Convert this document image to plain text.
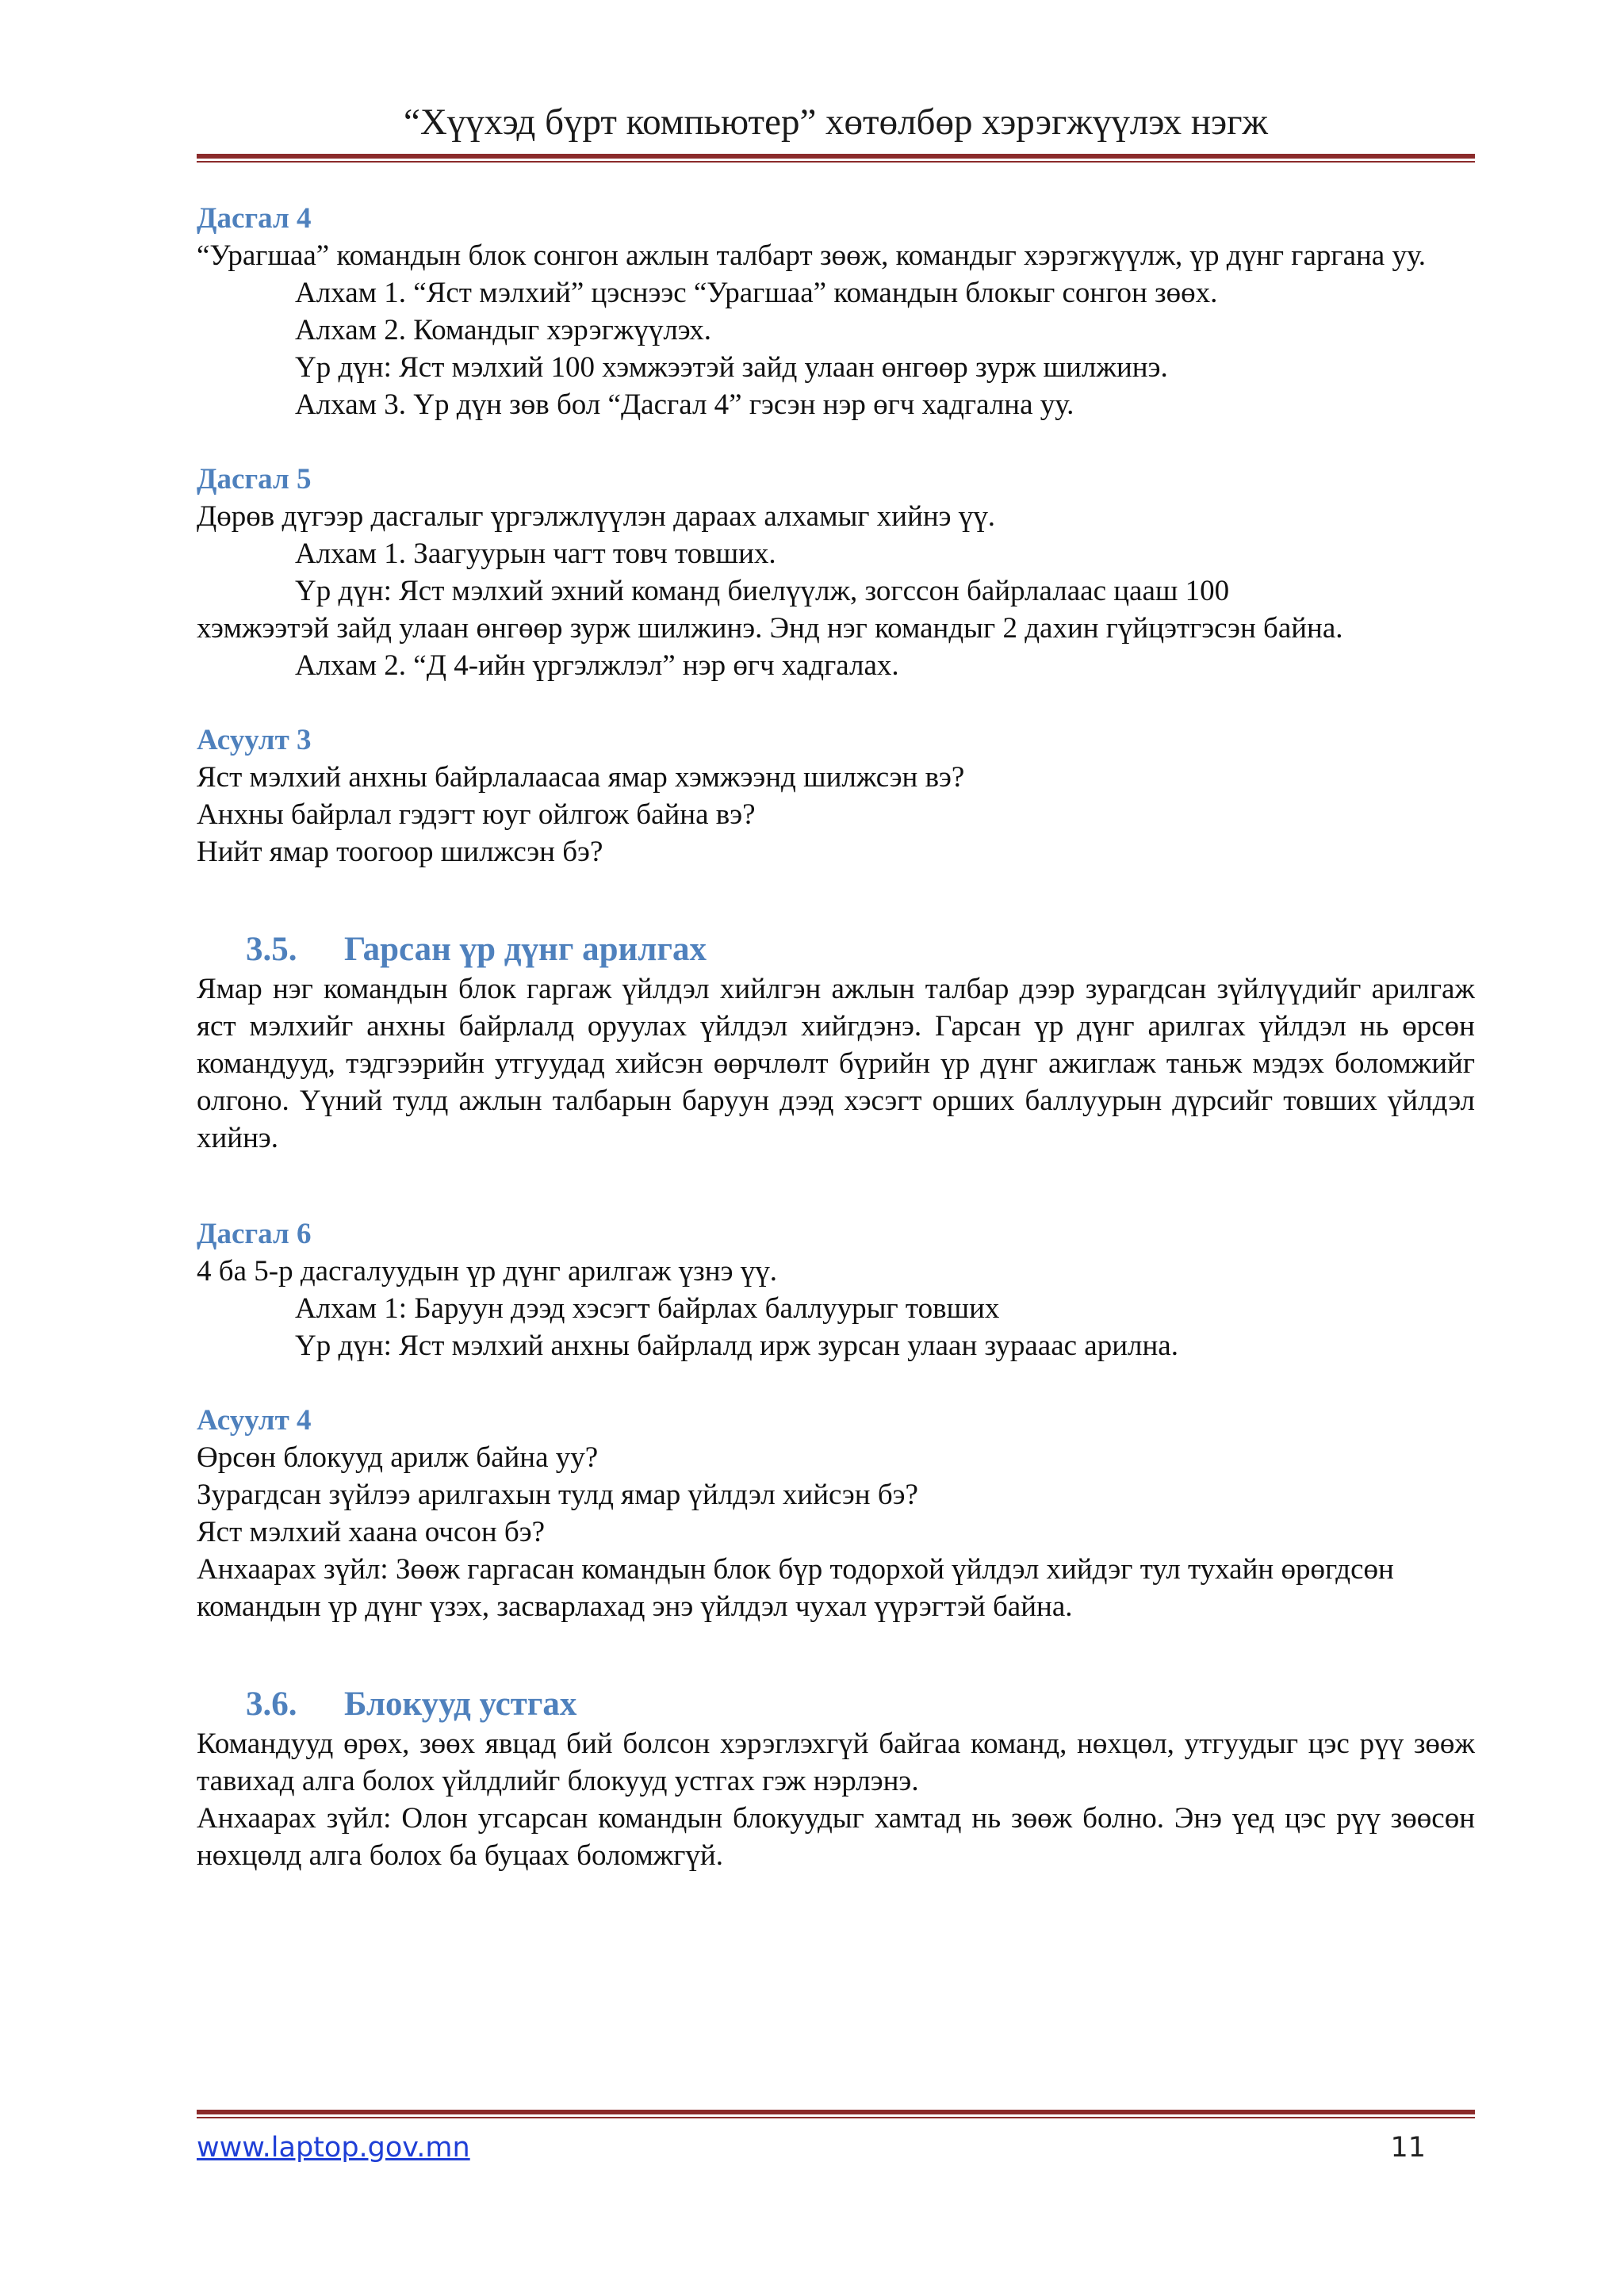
“Хүүхэд бүрт компьютер” хөтөлбөр хэрэгжүүлэх нэгж

Дасгал 4

“Урагшаа” командын блок сонгон ажлын талбарт зөөж, командыг хэрэгжүүлж, үр дүнг гаргана уу.

Алхам 1. “Яст мэлхий” цэснээс “Урагшаа” командын блокыг сонгон зөөх.

Алхам 2. Командыг хэрэгжүүлэх.

Үр дүн: Яст мэлхий 100 хэмжээтэй зайд улаан өнгөөр зурж шилжинэ.

Алхам 3. Үр дүн зөв бол “Дасгал 4” гэсэн нэр өгч хадгална уу.

Дасгал 5

Дөрөв дүгээр дасгалыг үргэлжлүүлэн дараах алхамыг хийнэ үү.

Алхам 1. Заагуурын чагт товч товших.

Үр дүн: Яст мэлхий эхний команд биелүүлж, зогссон байрлалаас цааш 100

хэмжээтэй зайд улаан өнгөөр зурж шилжинэ. Энд нэг командыг 2 дахин гүйцэтгэсэн байна.

Алхам 2. “Д 4-ийн үргэлжлэл” нэр өгч хадгалах.

Асуулт 3

Яст мэлхий анхны байрлалаасаа ямар хэмжээнд шилжсэн вэ?

Анхны байрлал гэдэгт юуг ойлгож байна вэ?

Нийт ямар тоогоор шилжсэн бэ?

3.5.	Гарсан үр дүнг арилгах

Ямар нэг командын блок гаргаж үйлдэл хийлгэн ажлын талбар дээр зурагдсан зүйлүүдийг арилгаж яст мэлхийг анхны байрлалд оруулах үйлдэл хийгдэнэ. Гарсан үр дүнг арилгах үйлдэл нь өрсөн командууд, тэдгээрийн утгуудад хийсэн өөрчлөлт бүрийн үр дүнг ажиглаж таньж мэдэх боломжийг олгоно. Үүний тулд ажлын талбарын баруун дээд хэсэгт орших баллуурын дүрсийг товших үйлдэл хийнэ.

Дасгал 6

4 ба 5-р дасгалуудын үр дүнг арилгаж үзнэ үү.

Алхам 1: Баруун дээд хэсэгт байрлах баллуурыг товших

Үр дүн: Яст мэлхий анхны байрлалд ирж зурсан улаан зурааас арилна.

Асуулт 4

Өрсөн блокууд арилж байна уу?

Зурагдсан зүйлээ арилгахын тулд ямар үйлдэл хийсэн бэ?

Яст мэлхий хаана очсон бэ?

Анхаарах зүйл: Зөөж гаргасан командын блок бүр тодорхой үйлдэл хийдэг тул тухайн өрөгдсөн командын үр дүнг үзэх, засварлахад энэ үйлдэл чухал үүрэгтэй байна.

3.6.	Блокууд устгах

Командууд өрөх, зөөх явцад бий болсон хэрэглэхгүй байгаа команд, нөхцөл, утгуудыг цэс рүү зөөж тавихад алга болох үйлдлийг блокууд устгах гэж нэрлэнэ.

Анхаарах зүйл: Олон угсарсан командын блокуудыг хамтад нь зөөж болно. Энэ үед цэс рүү зөөсөн нөхцөлд алга болох ба буцаах боломжгүй.

www.laptop.gov.mn	11
